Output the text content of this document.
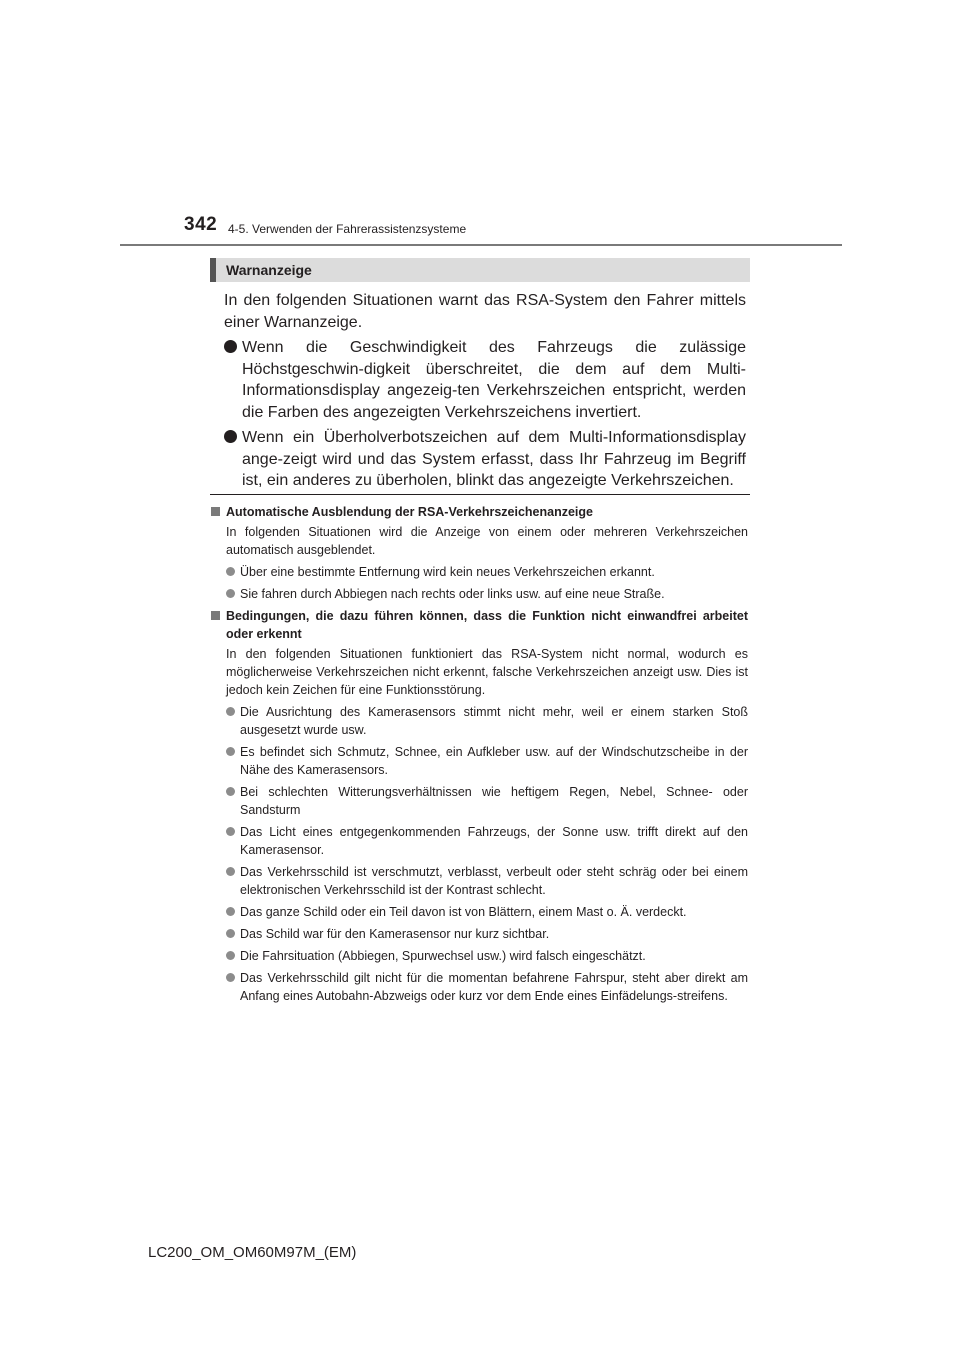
342 4-5. Verwenden der Fahrerassistenzsysteme
Warnanzeige

In den folgenden Situationen warnt das RSA-System den Fahrer mittels einer Warnanzeige.

Wenn die Geschwindigkeit des Fahrzeugs die zulässige Höchstgeschwin-digkeit überschreitet, die dem auf dem Multi-Informationsdisplay angezeig-ten Verkehrszeichen entspricht, werden die Farben des angezeigten Verkehrszeichens invertiert.
Wenn ein Überholverbotszeichen auf dem Multi-Informationsdisplay ange-zeigt wird und das System erfasst, dass Ihr Fahrzeug im Begriff ist, ein anderes zu überholen, blinkt das angezeigte Verkehrszeichen.
Automatische Ausblendung der RSA-Verkehrszeichenanzeige
In folgenden Situationen wird die Anzeige von einem oder mehreren Verkehrszeichen automatisch ausgeblendet.
Über eine bestimmte Entfernung wird kein neues Verkehrszeichen erkannt.
Sie fahren durch Abbiegen nach rechts oder links usw. auf eine neue Straße.
Bedingungen, die dazu führen können, dass die Funktion nicht einwandfrei arbeitet oder erkennt
In den folgenden Situationen funktioniert das RSA-System nicht normal, wodurch es möglicherweise Verkehrszeichen nicht erkennt, falsche Verkehrszeichen anzeigt usw. Dies ist jedoch kein Zeichen für eine Funktionsstörung.
Die Ausrichtung des Kamerasensors stimmt nicht mehr, weil er einem starken Stoß ausgesetzt wurde usw.
Es befindet sich Schmutz, Schnee, ein Aufkleber usw. auf der Windschutzscheibe in der Nähe des Kamerasensors.
Bei schlechten Witterungsverhältnissen wie heftigem Regen, Nebel, Schnee- oder Sandsturm
Das Licht eines entgegenkommenden Fahrzeugs, der Sonne usw. trifft direkt auf den Kamerasensor.
Das Verkehrsschild ist verschmutzt, verblasst, verbeult oder steht schräg oder bei einem elektronischen Verkehrsschild ist der Kontrast schlecht.
Das ganze Schild oder ein Teil davon ist von Blättern, einem Mast o. Ä. verdeckt.
Das Schild war für den Kamerasensor nur kurz sichtbar.
Die Fahrsituation (Abbiegen, Spurwechsel usw.) wird falsch eingeschätzt.
Das Verkehrsschild gilt nicht für die momentan befahrene Fahrspur, steht aber direkt am Anfang eines Autobahn-Abzweigs oder kurz vor dem Ende eines Einfädelungs-streifens.
LC200_OM_OM60M97M_(EM)
